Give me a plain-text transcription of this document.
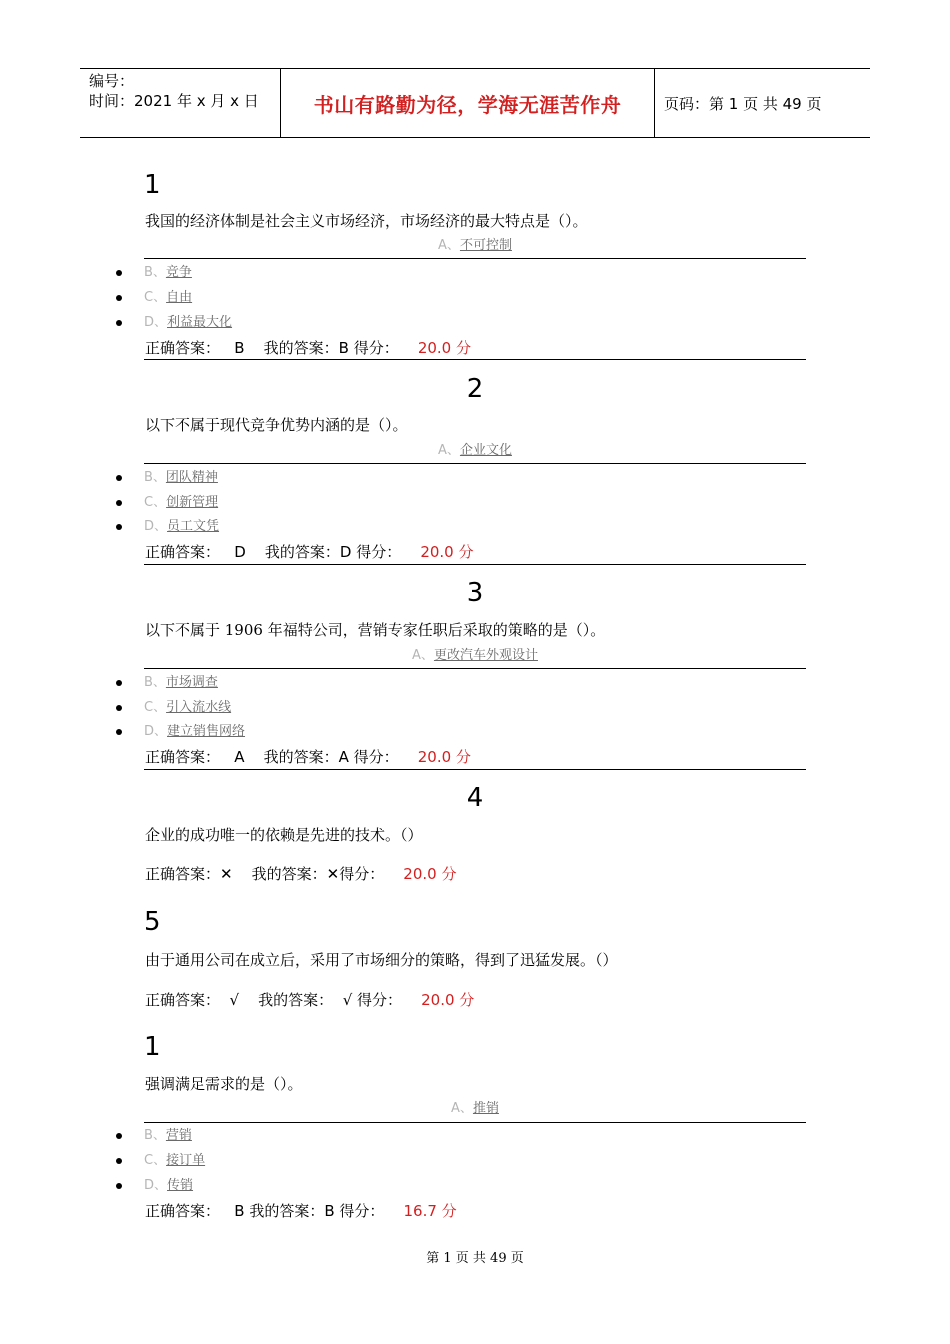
编号：
时间：2021 年 x 月 x 日	书山有路勤为径，学海无涯苦作舟	页码：第 1 页 共 49 页
1
我国的经济体制是社会主义市场经济，市场经济的最大特点是（）。
A、不可控制
B、竞争
C、自由
D、利益最大化
正确答案：   B    我的答案：B 得分： 20.0 分
2
以下不属于现代竞争优势内涵的是（）。
A、企业文化
B、团队精神
C、创新管理
D、员工文凭
正确答案：   D    我的答案：D 得分： 20.0 分
3
以下不属于 1906 年福特公司，营销专家任职后采取的策略的是（）。
A、更改汽车外观设计
B、市场调查
C、引入流水线
D、建立销售网络
正确答案：   A    我的答案：A 得分： 20.0 分
4
企业的成功唯一的依赖是先进的技术。（）
正确答案：✕    我的答案：✕得分： 20.0 分
5
由于通用公司在成立后，采用了市场细分的策略，得到了迅猛发展。（）
正确答案：  √    我的答案：  √ 得分： 20.0 分
1
强调满足需求的是（）。
A、推销
B、营销
C、接订单
D、传销
正确答案：   B 我的答案：B 得分： 16.7 分
第 1 页 共 49 页
